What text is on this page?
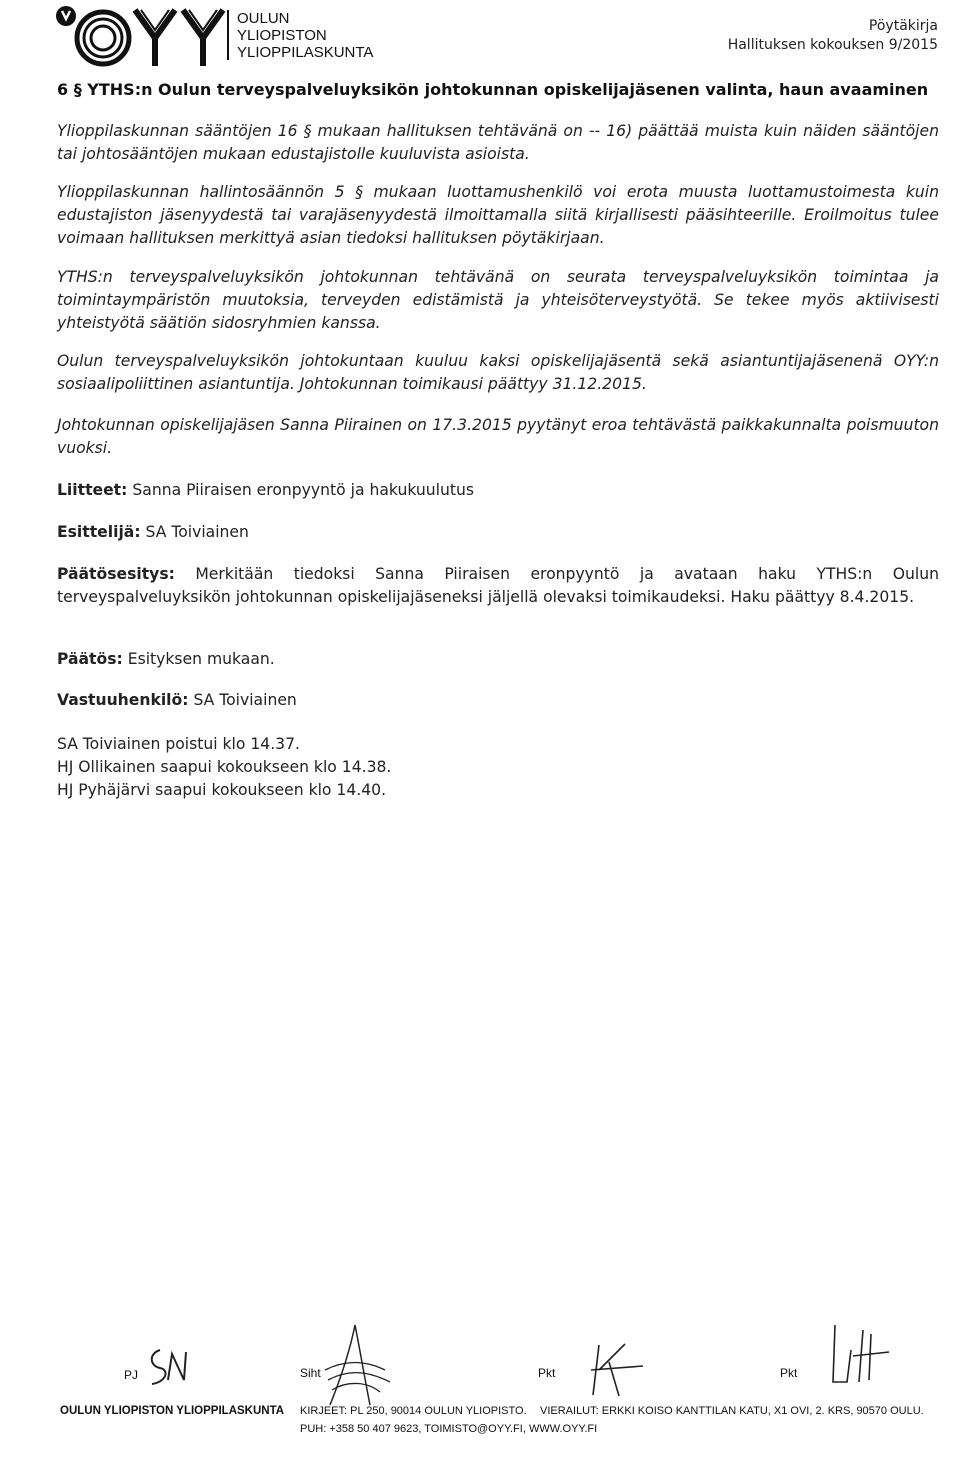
OULUN
YLIOPISTON
YLIOPPILASKUNTA
Pöytäkirja
Hallituksen kokouksen 9/2015
6 § YTHS:n Oulun terveyspalveluyksikön johtokunnan opiskelijajäsenen valinta, haun avaaminen
Ylioppilaskunnan sääntöjen 16 § mukaan hallituksen tehtävänä on -- 16) päättää muista kuin näiden sääntöjen tai johtosääntöjen mukaan edustajistolle kuuluvista asioista.
Ylioppilaskunnan hallintosäännön 5 § mukaan luottamushenkilö voi erota muusta luottamustoimesta kuin edustajiston jäsenyydestä tai varajäsenyydestä ilmoittamalla siitä kirjallisesti pääsihteerille. Eroilmoitus tulee voimaan hallituksen merkittyä asian tiedoksi hallituksen pöytäkirjaan.
YTHS:n terveyspalveluyksikön johtokunnan tehtävänä on seurata terveyspalveluyksikön toimintaa ja toimintaympäristön muutoksia, terveyden edistämistä ja yhteisöterveystyötä. Se tekee myös aktiivisesti yhteistyötä säätiön sidosryhmien kanssa.
Oulun terveyspalveluyksikön johtokuntaan kuuluu kaksi opiskelijajäsentä sekä asiantuntijajäsenenä OYY:n sosiaalipoliittinen asiantuntija. Johtokunnan toimikausi päättyy 31.12.2015.
Johtokunnan opiskelijajäsen Sanna Piirainen on 17.3.2015 pyytänyt eroa tehtävästä paikkakunnalta poismuuton vuoksi.
Liitteet: Sanna Piiraisen eronpyyntö ja hakukuulutus
Esittelijä: SA Toiviainen
Päätösesitys: Merkitään tiedoksi Sanna Piiraisen eronpyyntö ja avataan haku YTHS:n Oulun terveyspalveluyksikön johtokunnan opiskelijajäseneksi jäljellä olevaksi toimikaudeksi. Haku päättyy 8.4.2015.
Päätös: Esityksen mukaan.
Vastuuhenkilö: SA Toiviainen
SA Toiviainen poistui klo 14.37.
HJ Ollikainen saapui kokoukseen klo 14.38.
HJ Pyhäjärvi saapui kokoukseen klo 14.40.
PJ	Siht	Pkt	Pkt
OULUN YLIOPISTON YLIOPPILASKUNTA KIRJEET: PL 250, 90014 OULUN YLIOPISTO. VIERAILUT: ERKKI KOISO KANTTILAN KATU, X1 OVI, 2. KRS, 90570 OULU.
PUH: +358 50 407 9623, TOIMISTO@OYY.FI, WWW.OYY.FI
